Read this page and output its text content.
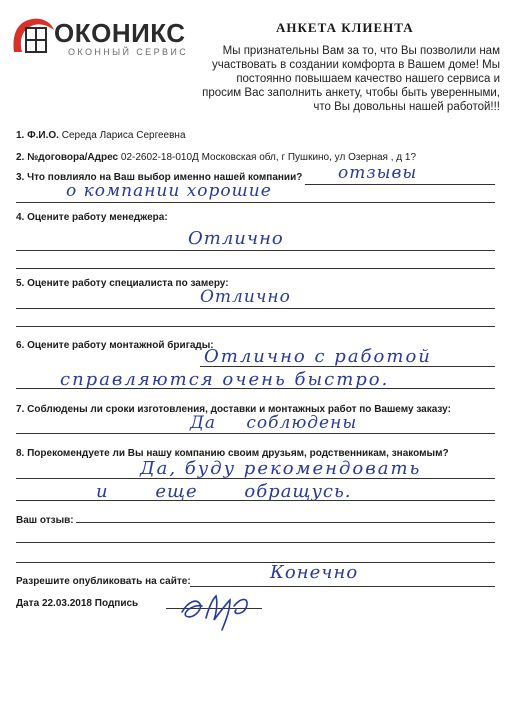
ОКОНИКС
ОКОННЫЙ СЕРВИС
АНКЕТА КЛИЕНТА
Мы признательны Вам за то, что Вы позволили нам участвовать в создании комфорта в Вашем доме! Мы постоянно повышаем качество нашего сервиса и просим Вас заполнить анкету, чтобы быть уверенными, что Вы довольны нашей работой!!!
1. Ф.И.О. Середа Лариса Сергеевна
2. №договора/Адрес 02-2602-18-010Д Московская обл, г Пушкино, ул Озерная , д 1?
3. Что повлияло на Ваш выбор именно нашей компании? отзывы
о компании хорошие
4. Оцените работу менеджера:
Отлично
5. Оцените работу специалиста по замеру:
Отлично
6. Оцените работу монтажной бригады:
Отлично с работой
справляются очень быстро.
7. Соблюдены ли сроки изготовления, доставки и монтажных работ по Вашему заказу:
Да соблюдены
8. Порекомендуете ли Вы нашу компанию своим друзьям, родственникам, знакомым?
Да, буду рекомендовать
и еще обращусь.
Ваш отзыв:
Разрешите опубликовать на сайте:	Конечно
Дата 22.03.2018 Подпись
